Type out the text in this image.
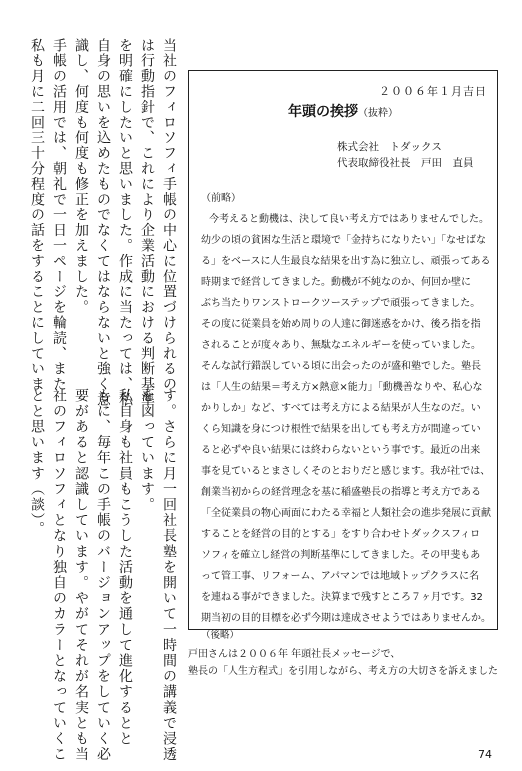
当社のフィロソフィ手帳の中心に位置づけられるの
は行動指針で、これにより企業活動における判断基準
を明確にしたいと思いました。作成に当たっては、私
自身の思いを込めたものでなくてはならないと強く意
識し、何度も何度も修正を加えました。
手帳の活用では、朝礼で一日一ページを輪読、また
私も月に二回三十分程度の話をすることにしていま
す。さらに月一回社長塾を開いて一時間の講義で浸透
を図っています。
私自身も社員もこうした活動を通して進化するとと
もに、毎年この手帳のバージョンアップをしていく必
要があると認識しています。やがてそれが名実とも当
社のフィロソフィとなり独自のカラーとなっていくこ
とと思います（談）。
２００６年１月吉日
年頭の挨拶（抜粋）
株式会社　トダックス
代表取締役社長　戸田　直員
（前略）
今考えると動機は、決して良い考え方ではありませんでした。
幼少の頃の貧困な生活と環境で「金持ちになりたい」「なせばな
る」をベースに人生最良な結果を出す為に独立し、頑張ってある
時期まで経営してきました。動機が不純なのか、何回か壁に
ぶち当たりワンストロークツーステップで頑張ってきました。
その度に従業員を始め周りの人達に御迷惑をかけ、後ろ指を指
されることが度々あり、無駄なエネルギーを使っていました。
そんな試行錯誤している頃に出会ったのが盛和塾でした。塾長
は「人生の結果＝考え方×熱意×能力」「動機善なりや、私心な
かりしか」など、すべては考え方による結果が人生なのだ。い
くら知識を身につけ根性で結果を出しても考え方が間違ってい
ると必ずや良い結果には終わらないという事です。最近の出来
事を見ているとまさしくそのとおりだと感じます。我が社では、
創業当初からの経営理念を基に稲盛塾長の指導と考え方である
「全従業員の物心両面にわたる幸福と人類社会の進歩発展に貢献
することを経営の目的とする」をすり合わせトダックスフィロ
ソフィを確立し経営の判断基準にしてきました。その甲斐もあ
って管工事、リフォーム、アパマンでは地域トップクラスに名
を連ねる事ができました。決算まで残すところ７ヶ月です。32
期当初の目的目標を必ず今期は達成させようではありませんか。
（後略）
戸田さんは２００６年 年頭社長メッセージで、
塾長の「人生方程式」を引用しながら、考え方の大切さを訴えました
74
